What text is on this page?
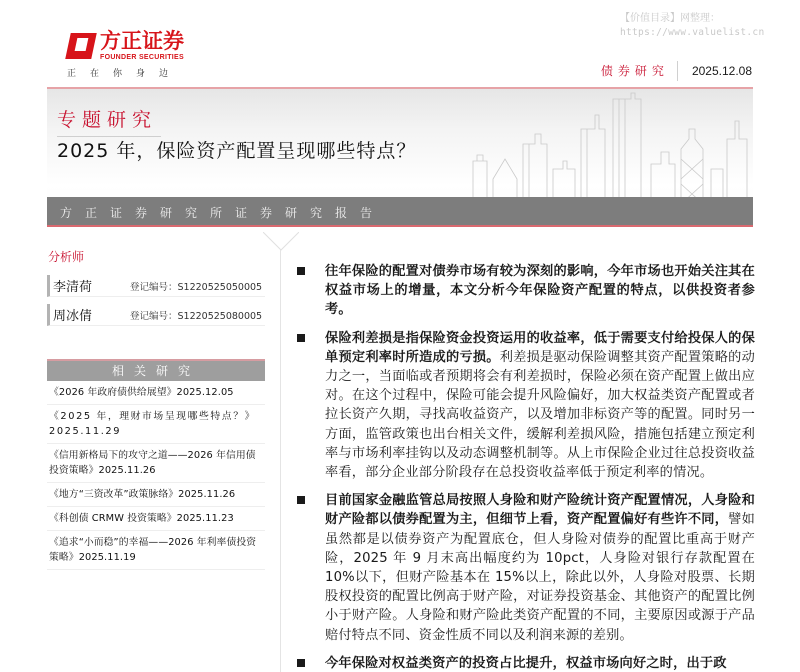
方正证券
FOUNDER SECURITIES
正在你身边
【价值目录】网整理：
https://www.valuelist.cn
债券研究	2025.12.08
专题研究
2025 年，保险资产配置呈现哪些特点？
方正证券研究所证券研究报告
分析师
李清荷	登记编号：S1220525050005
周冰倩	登记编号：S1220525080005
相关研究
《2026 年政府债供给展望》2025.12.05
《2025 年，理财市场呈现哪些特点？》2025.11.29
《信用新格局下的攻守之道——2026 年信用债投资策略》2025.11.26
《地方“三资改革”政策脉络》2025.11.26
《科创债 CRMW 投资策略》2025.11.23
《追求“小而稳”的幸福——2026 年利率债投资策略》2025.11.19

往年保险的配置对债券市场有较为深刻的影响，今年市场也开始关注其在权益市场上的增量，本文分析今年保险资产配置的特点，以供投资者参考。

保险利差损是指保险资金投资运用的收益率，低于需要支付给投保人的保单预定利率时所造成的亏损。利差损是驱动保险调整其资产配置策略的动力之一，当面临或者预期将会有利差损时，保险必须在资产配置上做出应对。在这个过程中，保险可能会提升风险偏好，加大权益类资产配置或者拉长资产久期，寻找高收益资产，以及增加非标资产等的配置。同时另一方面，监管政策也出台相关文件，缓解利差损风险，措施包括建立预定利率与市场利率挂钩以及动态调整机制等。从上市保险企业过往总投资收益率看，部分企业部分阶段存在总投资收益率低于预定利率的情况。

目前国家金融监管总局按照人身险和财产险统计资产配置情况，人身险和财产险都以债券配置为主，但细节上看，资产配置偏好有些许不同，譬如虽然都是以债券资产为配置底仓，但人身险对债券的配置比重高于财产险，2025 年 9 月末高出幅度约为 10pct，人身险对银行存款配置在 10%以下，但财产险基本在 15%以上，除此以外，人身险对股票、长期股权投资的配置比例高于财产险，对证券投资基金、其他资产的配置比例小于财产险。人身险和财产险此类资产配置的不同，主要原因或源于产品赔付特点不同、资金性质不同以及利润来源的差别。

今年保险对权益类资产的投资占比提升，权益市场向好之时，出于政
